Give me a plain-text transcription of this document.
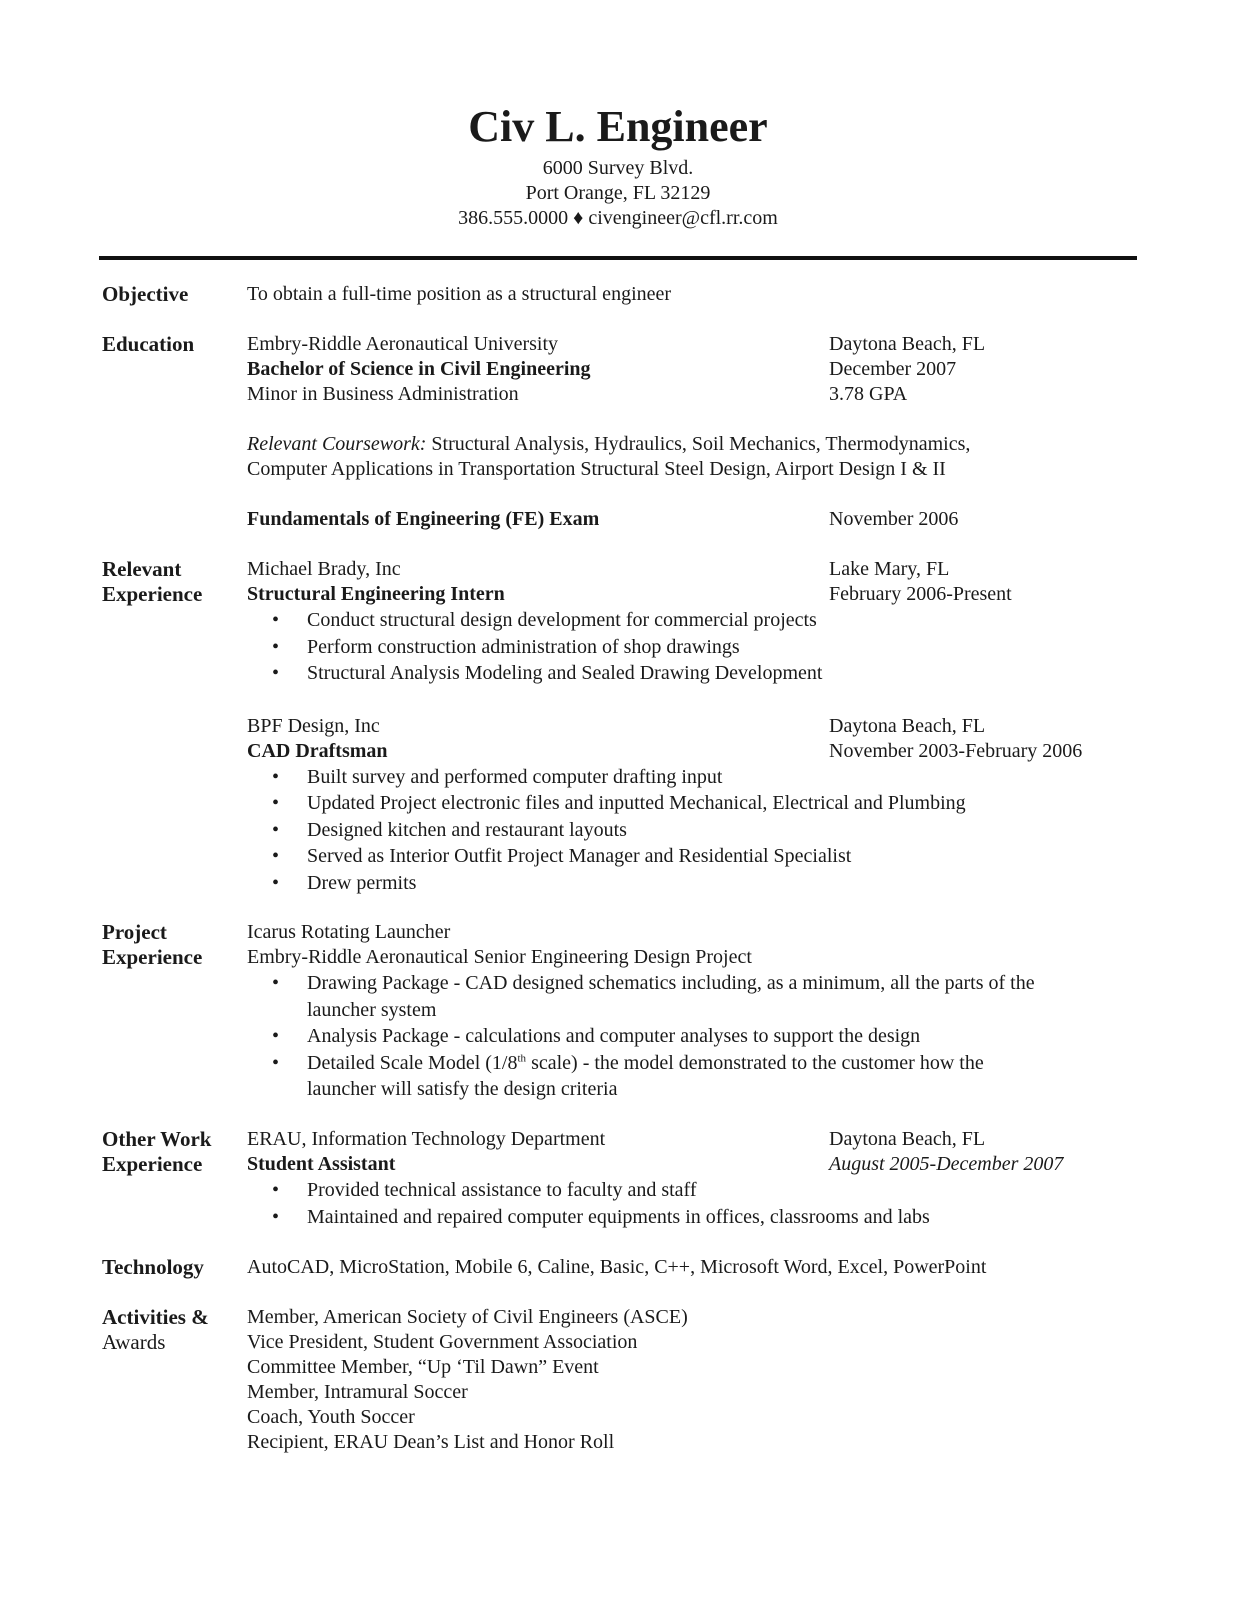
Civ L. Engineer
6000 Survey Blvd.
Port Orange, FL 32129
386.555.0000 ♦ civengineer@cfl.rr.com
Objective	To obtain a full-time position as a structural engineer
Education	Embry-Riddle Aeronautical University	Daytona Beach, FL
Bachelor of Science in Civil Engineering	December 2007
Minor in Business Administration	3.78 GPA
Relevant Coursework: Structural Analysis, Hydraulics, Soil Mechanics, Thermodynamics,
Computer Applications in Transportation Structural Steel Design, Airport Design I & II
Fundamentals of Engineering (FE) Exam	November 2006
Relevant
Experience
Michael Brady, Inc	Lake Mary, FL
Structural Engineering Intern	February 2006-Present
• Conduct structural design development for commercial projects
• Perform construction administration of shop drawings
• Structural Analysis Modeling and Sealed Drawing Development
BPF Design, Inc	Daytona Beach, FL
CAD Draftsman	November 2003-February 2006
• Built survey and performed computer drafting input
• Updated Project electronic files and inputted Mechanical, Electrical and Plumbing
• Designed kitchen and restaurant layouts
• Served as Interior Outfit Project Manager and Residential Specialist
• Drew permits
Project
Experience
Icarus Rotating Launcher
Embry-Riddle Aeronautical Senior Engineering Design Project
• Drawing Package - CAD designed schematics including, as a minimum, all the parts of the launcher system
• Analysis Package - calculations and computer analyses to support the design
• Detailed Scale Model (1/8th scale) - the model demonstrated to the customer how the launcher will satisfy the design criteria
Other Work
Experience
ERAU, Information Technology Department	Daytona Beach, FL
Student Assistant	August 2005-December 2007
• Provided technical assistance to faculty and staff
• Maintained and repaired computer equipments in offices, classrooms and labs
Technology	AutoCAD, MicroStation, Mobile 6, Caline, Basic, C++, Microsoft Word, Excel, PowerPoint
Activities &
Awards
Member, American Society of Civil Engineers (ASCE)
Vice President, Student Government Association
Committee Member, “Up ‘Til Dawn” Event
Member, Intramural Soccer
Coach, Youth Soccer
Recipient, ERAU Dean’s List and Honor Roll
